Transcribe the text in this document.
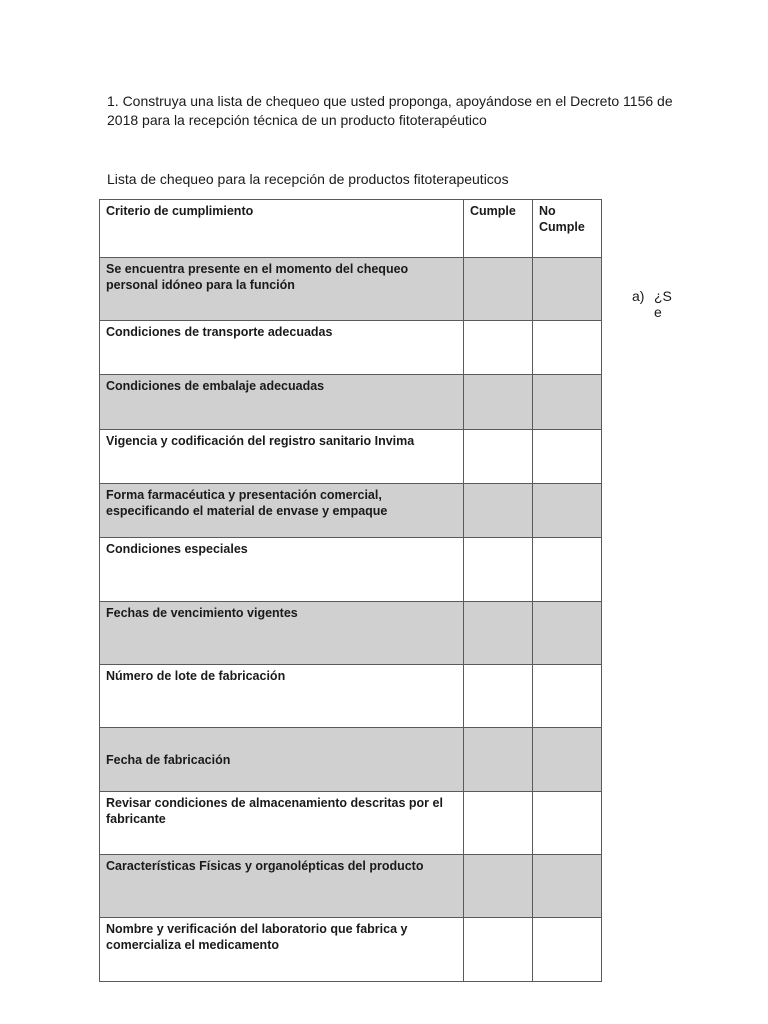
1. Construya una lista de chequeo que usted proponga, apoyándose en el Decreto 1156 de 2018 para la recepción técnica de un producto fitoterapéutico

Lista de chequeo para la recepción de productos fitoterapeuticos

Criterio de cumplimiento	Cumple	No Cumple
Se encuentra presente en el momento del chequeo personal idóneo para la función		
Condiciones de transporte adecuadas		
Condiciones de embalaje adecuadas		
Vigencia y codificación del registro sanitario Invima		
Forma farmacéutica y presentación comercial, especificando el material de envase y empaque		
Condiciones especiales		
Fechas de vencimiento vigentes		
Número de lote de fabricación		
Fecha de fabricación		
Revisar condiciones de almacenamiento descritas por el fabricante		
Características Físicas y organolépticas del producto		
Nombre y verificación del laboratorio que fabrica y comercializa el medicamento		
a) ¿Se
